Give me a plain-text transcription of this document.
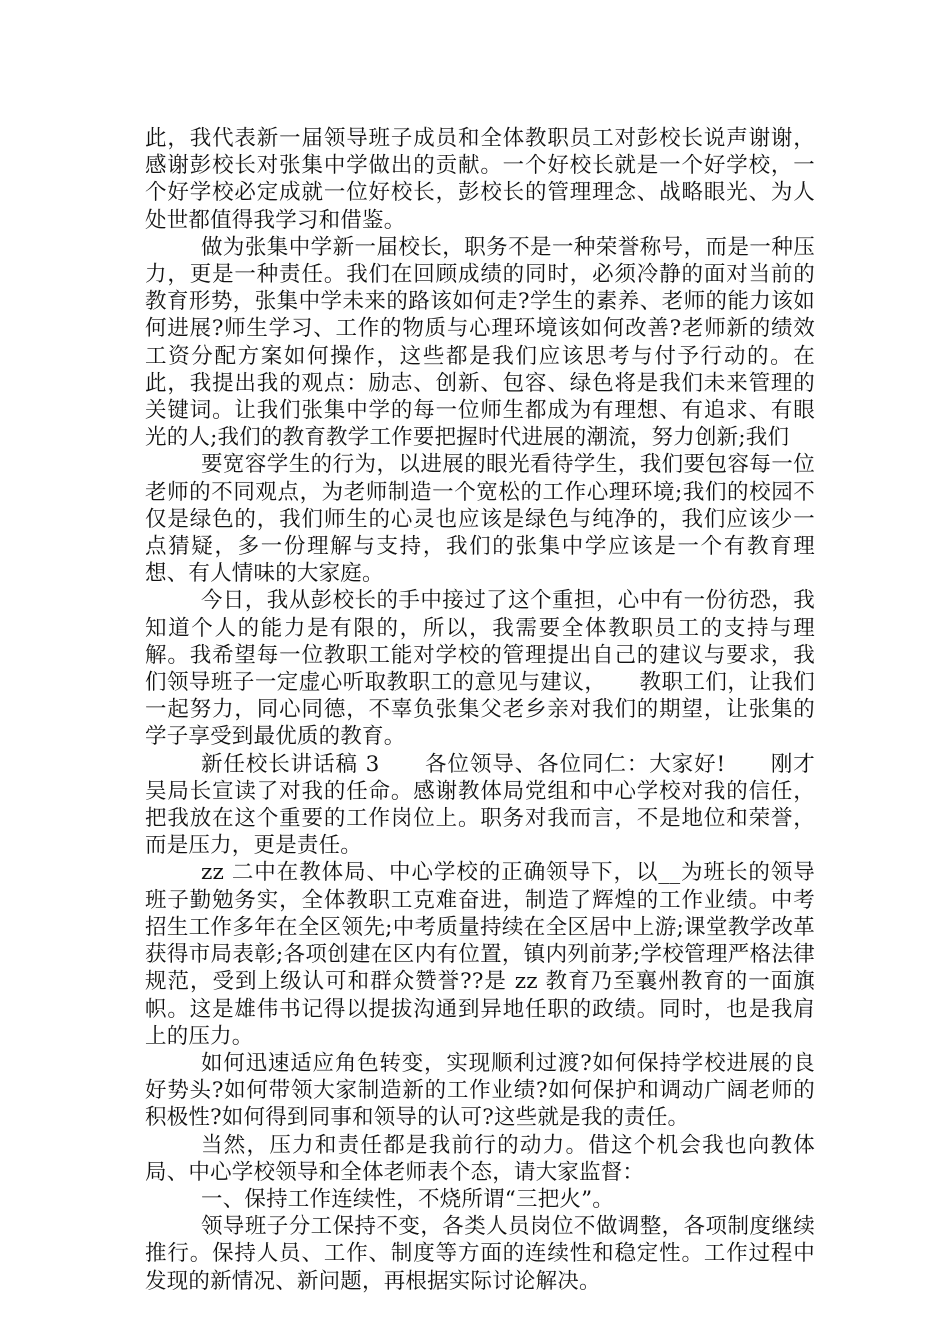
此，我代表新一届领导班子成员和全体教职员工对彭校长说声谢谢，感谢彭校长对张集中学做出的贡献。一个好校长就是一个好学校，一个好学校必定成就一位好校长，彭校长的管理理念、战略眼光、为人处世都值得我学习和借鉴。

做为张集中学新一届校长，职务不是一种荣誉称号，而是一种压力，更是一种责任。我们在回顾成绩的同时，必须冷静的面对当前的教育形势，张集中学未来的路该如何走?学生的素养、老师的能力该如何进展?师生学习、工作的物质与心理环境该如何改善?老师新的绩效工资分配方案如何操作，这些都是我们应该思考与付予行动的。在此，我提出我的观点：励志、创新、包容、绿色将是我们未来管理的关键词。让我们张集中学的每一位师生都成为有理想、有追求、有眼光的人;我们的教育教学工作要把握时代进展的潮流，努力创新;我们

要宽容学生的行为，以进展的眼光看待学生，我们要包容每一位老师的不同观点，为老师制造一个宽松的工作心理环境;我们的校园不仅是绿色的，我们师生的心灵也应该是绿色与纯净的，我们应该少一点猜疑，多一份理解与支持，我们的张集中学应该是一个有教育理想、有人情味的大家庭。

今日，我从彭校长的手中接过了这个重担，心中有一份彷恐，我知道个人的能力是有限的，所以，我需要全体教职员工的支持与理解。我希望每一位教职工能对学校的管理提出自己的建议与要求，我们领导班子一定虚心听取教职工的意见与建议，　　教职工们，让我们一起努力，同心同德，不辜负张集父老乡亲对我们的期望，让张集的学子享受到最优质的教育。

新任校长讲话稿 3　　各位领导、各位同仁：大家好!　　刚才吴局长宣读了对我的任命。感谢教体局党组和中心学校对我的信任，把我放在这个重要的工作岗位上。职务对我而言，不是地位和荣誉，而是压力，更是责任。

zz 二中在教体局、中心学校的正确领导下，以__为班长的领导班子勤勉务实，全体教职工克难奋进，制造了辉煌的工作业绩。中考招生工作多年在全区领先;中考质量持续在全区居中上游;课堂教学改革获得市局表彰;各项创建在区内有位置，镇内列前茅;学校管理严格法律规范，受到上级认可和群众赞誉??是 zz 教育乃至襄州教育的一面旗帜。这是雄伟书记得以提拔沟通到异地任职的政绩。同时，也是我肩上的压力。

如何迅速适应角色转变，实现顺利过渡?如何保持学校进展的良好势头?如何带领大家制造新的工作业绩?如何保护和调动广阔老师的积极性?如何得到同事和领导的认可?这些就是我的责任。

当然，压力和责任都是我前行的动力。借这个机会我也向教体局、中心学校领导和全体老师表个态，请大家监督：

一、保持工作连续性，不烧所谓“三把火”。

领导班子分工保持不变，各类人员岗位不做调整，各项制度继续推行。保持人员、工作、制度等方面的连续性和稳定性。工作过程中发现的新情况、新问题，再根据实际讨论解决。
